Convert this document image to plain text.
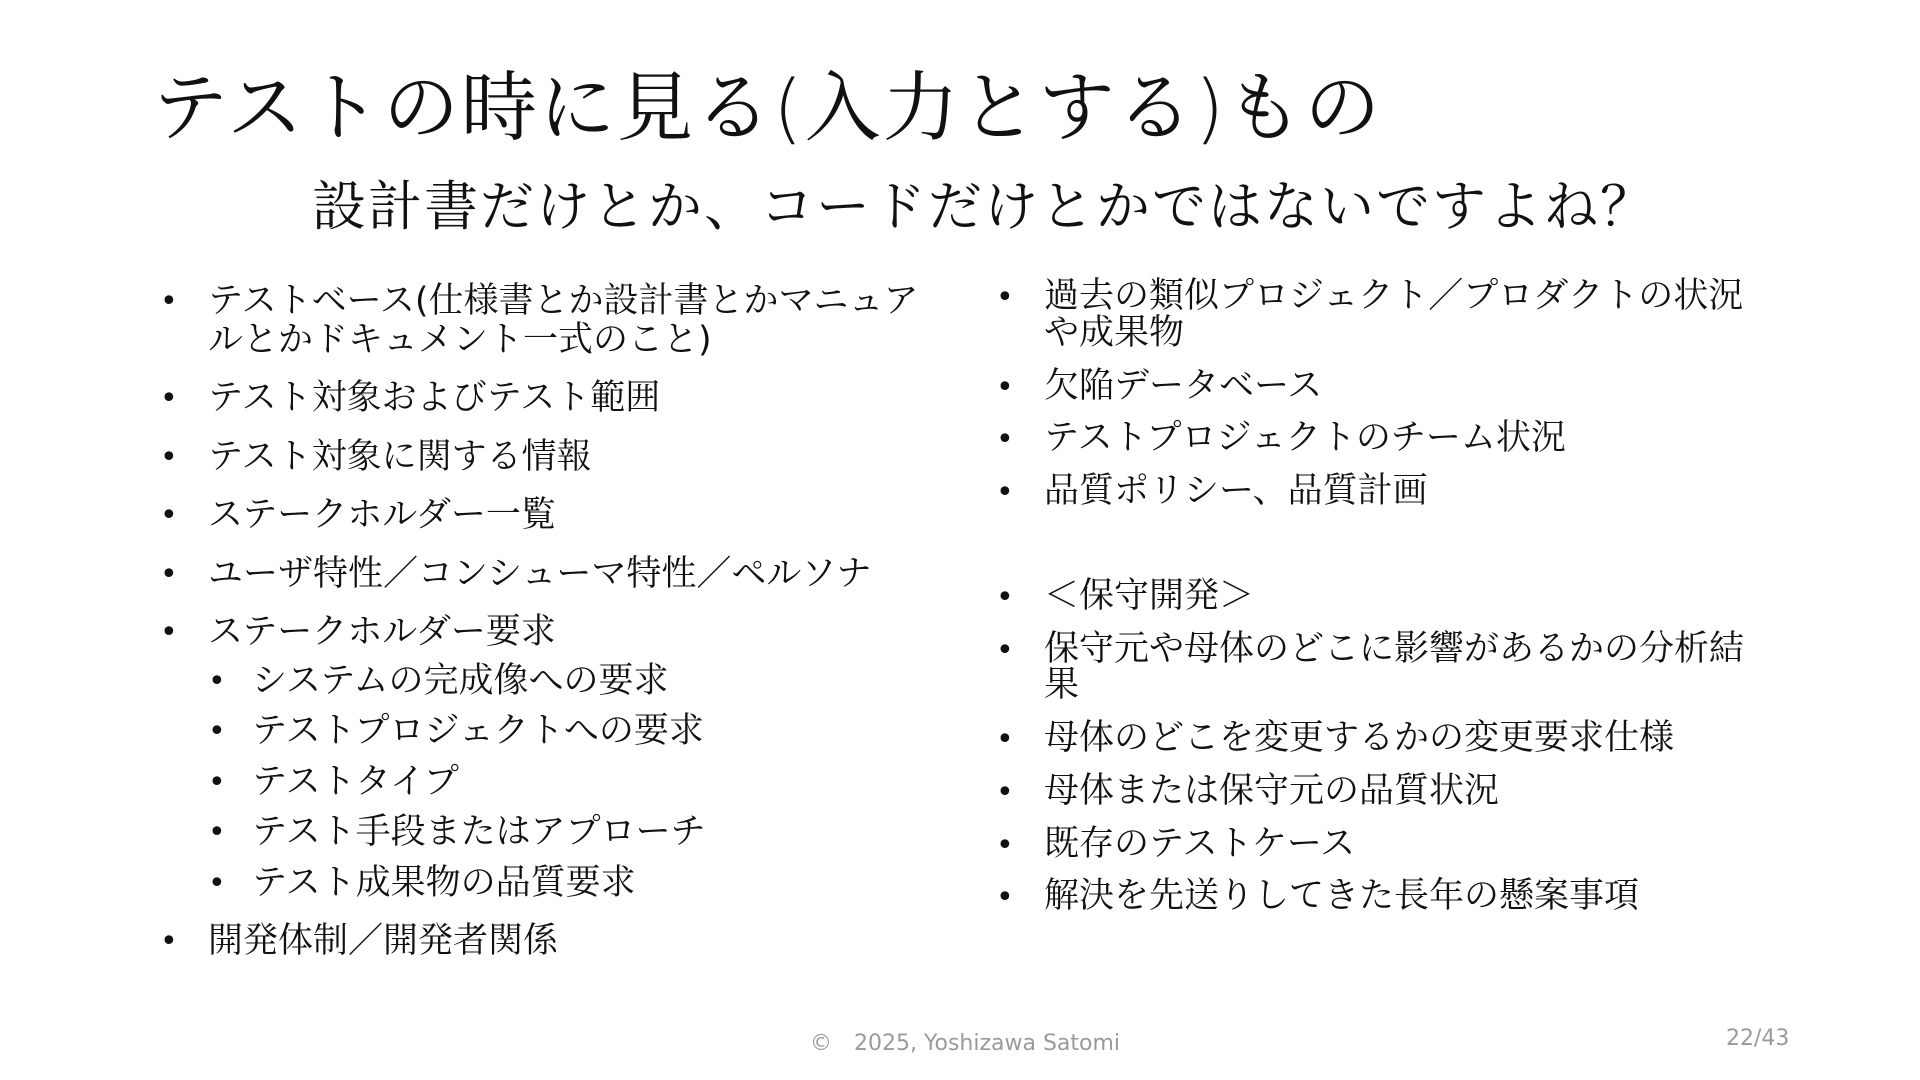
テストの時に見る(入力とする)もの
設計書だけとか、コードだけとかではないですよね？
• テストベース(仕様書とか設計書とかマニュアルとかドキュメント一式のこと)
• テスト対象およびテスト範囲
• テスト対象に関する情報
• ステークホルダー一覧
• ユーザ特性／コンシューマ特性／ペルソナ
• ステークホルダー要求
• システムの完成像への要求
• テストプロジェクトへの要求
• テストタイプ
• テスト手段またはアプローチ
• テスト成果物の品質要求
• 開発体制／開発者関係
• 過去の類似プロジェクト／プロダクトの状況や成果物
• 欠陥データベース
• テストプロジェクトのチーム状況
• 品質ポリシー、品質計画
• ＜保守開発＞
• 保守元や母体のどこに影響があるかの分析結果
• 母体のどこを変更するかの変更要求仕様
• 母体または保守元の品質状況
• 既存のテストケース
• 解決を先送りしてきた長年の懸案事項
©　2025, Yoshizawa Satomi	22/43
